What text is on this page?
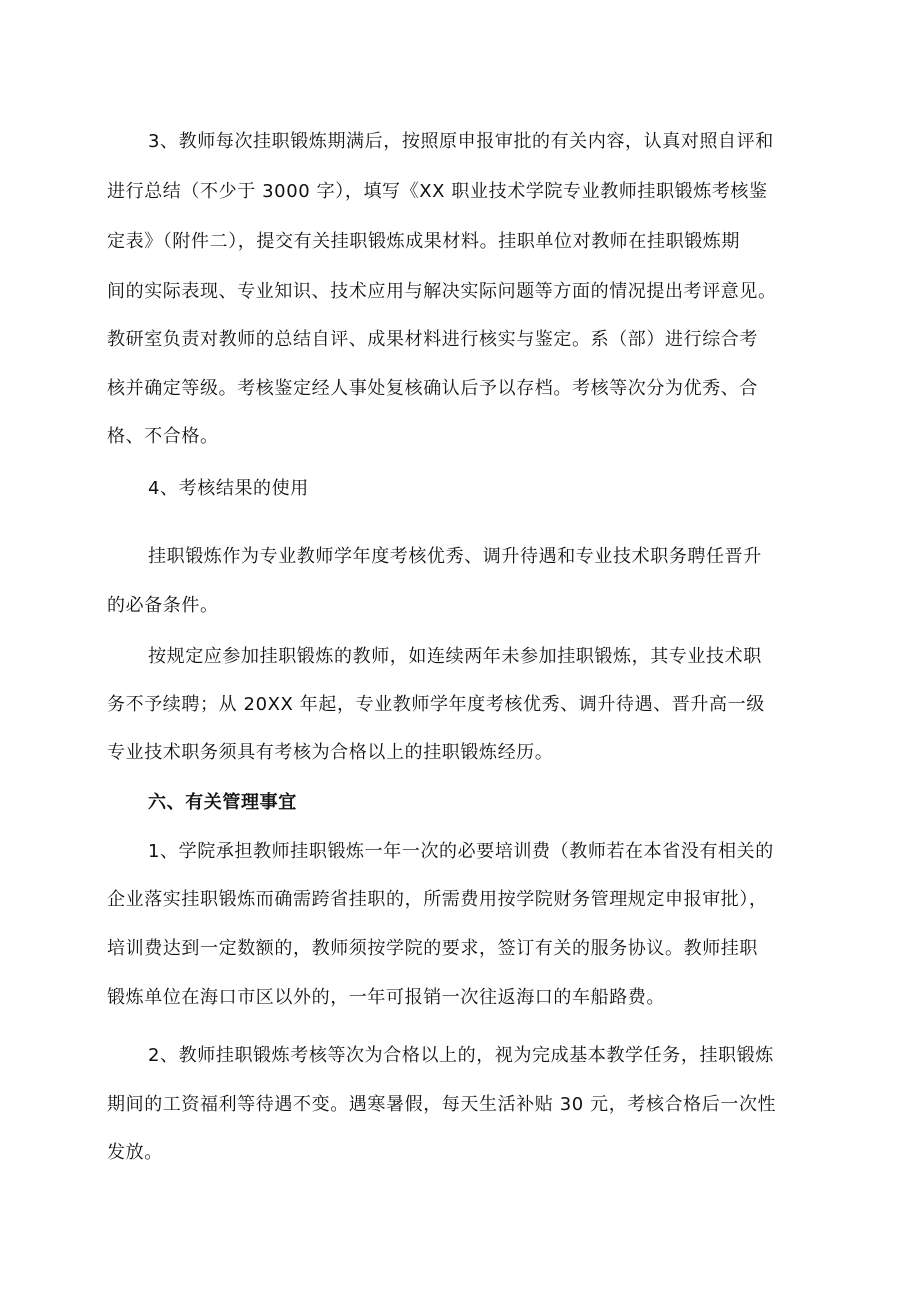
3、教师每次挂职锻炼期满后，按照原申报审批的有关内容，认真对照自评和
进行总结（不少于 3000 字），填写《XX 职业技术学院专业教师挂职锻炼考核鉴
定表》（附件二），提交有关挂职锻炼成果材料。挂职单位对教师在挂职锻炼期
间的实际表现、专业知识、技术应用与解决实际问题等方面的情况提出考评意见。
教研室负责对教师的总结自评、成果材料进行核实与鉴定。系（部）进行综合考
核并确定等级。考核鉴定经人事处复核确认后予以存档。考核等次分为优秀、合
格、不合格。
4、考核结果的使用
挂职锻炼作为专业教师学年度考核优秀、调升待遇和专业技术职务聘任晋升
的必备条件。
按规定应参加挂职锻炼的教师，如连续两年未参加挂职锻炼，其专业技术职
务不予续聘；从 20XX 年起，专业教师学年度考核优秀、调升待遇、晋升高一级
专业技术职务须具有考核为合格以上的挂职锻炼经历。
六、有关管理事宜
1、学院承担教师挂职锻炼一年一次的必要培训费（教师若在本省没有相关的
企业落实挂职锻炼而确需跨省挂职的，所需费用按学院财务管理规定申报审批），
培训费达到一定数额的，教师须按学院的要求，签订有关的服务协议。教师挂职
锻炼单位在海口市区以外的，一年可报销一次往返海口的车船路费。
2、教师挂职锻炼考核等次为合格以上的，视为完成基本教学任务，挂职锻炼
期间的工资福利等待遇不变。遇寒暑假，每天生活补贴 30 元，考核合格后一次性
发放。
